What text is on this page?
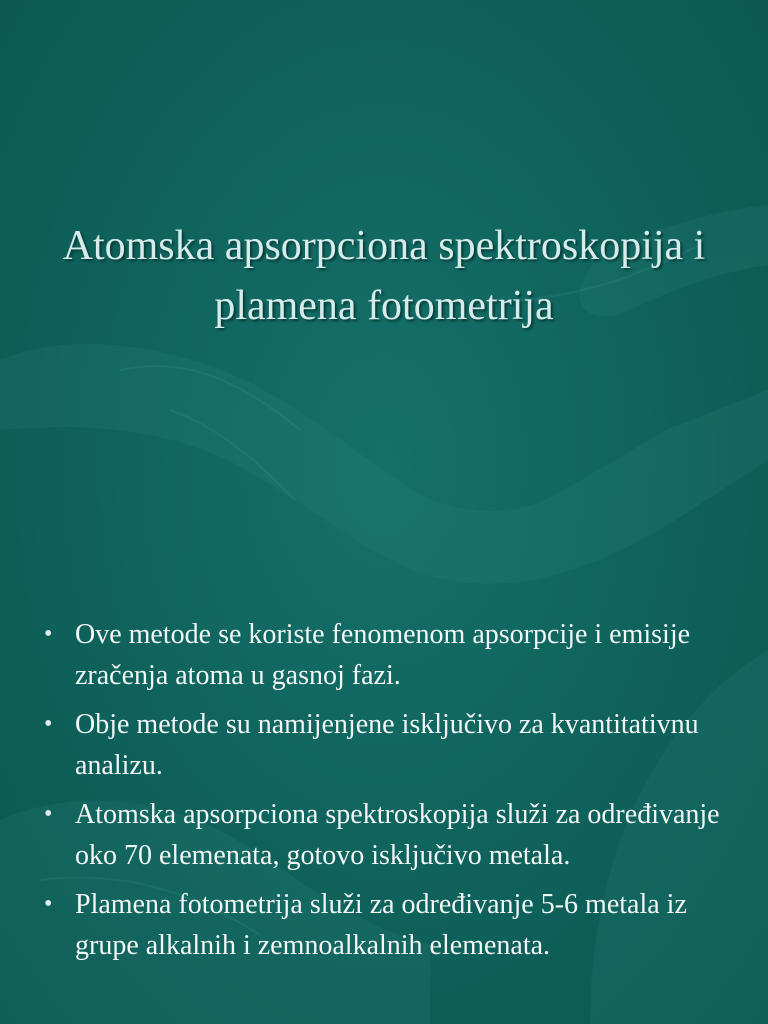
Atomska apsorpciona spektroskopija i plamena fotometrija
• Ove metode se koriste fenomenom apsorpcije i emisije zračenja atoma u gasnoj fazi.
• Obje metode su namijenjene isključivo za kvantitativnu analizu.
• Atomska apsorpciona spektroskopija služi za određivanje oko 70 elemenata, gotovo isključivo metala.
• Plamena fotometrija služi za određivanje 5-6 metala iz grupe alkalnih i zemnoalkalnih elemenata.
